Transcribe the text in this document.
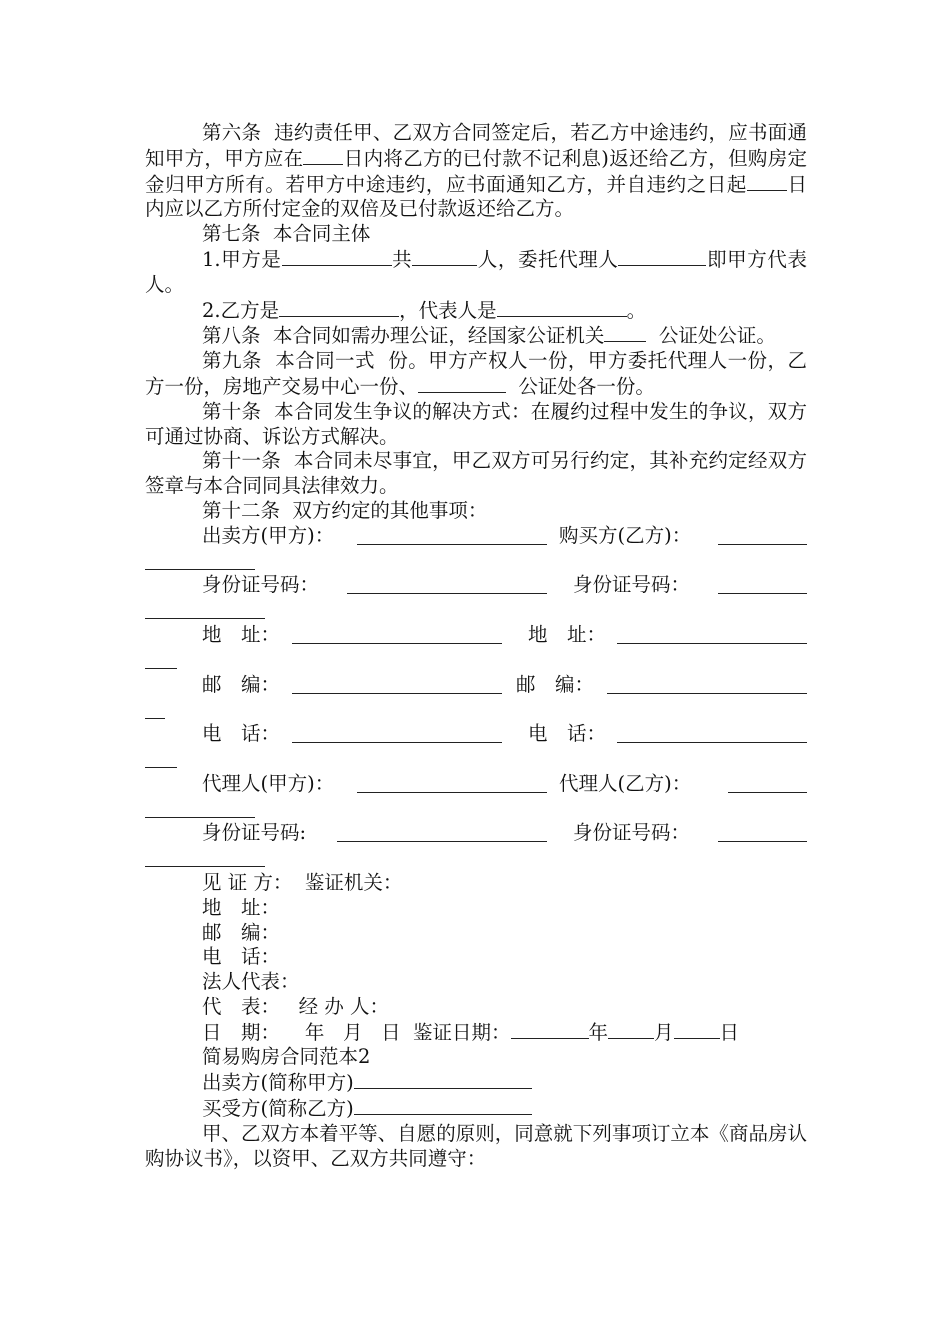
第六条 违约责任甲、乙双方合同签定后，若乙方中途违约，应书面通知甲方，甲方应在 日内将乙方的已付款不记利息)返还给乙方，但购房定金归甲方所有。若甲方中途违约，应书面通知乙方，并自违约之日起 日内应以乙方所付定金的双倍及已付款返还给乙方。

第七条 本合同主体

1.甲方是	共	人，委托代理人	即甲方代表人。

2.乙方是	，代表人是	。

第八条 本合同如需办理公证，经国家公证机关	公证处公证。

第九条 本合同一式 份。甲方产权人一份，甲方委托代理人一份，乙方一份，房地产交易中心一份、	公证处各一份。

第十条 本合同发生争议的解决方式：在履约过程中发生的争议，双方可通过协商、诉讼方式解决。

第十一条 本合同未尽事宜，甲乙双方可另行约定，其补充约定经双方签章与本合同同具法律效力。

第十二条 双方约定的其他事项：

出卖方(甲方)：	购买方(乙方)：
身份证号码：	身份证号码：
地　址：	地　址：
邮　编：	邮　编：
电　话：	电　话：
代理人(甲方)：	代理人(乙方)：
身份证号码:	身份证号码：

见 证 方： 鉴证机关：

地　址：

邮　编：

电　话：

法人代表：

代　表： 经 办 人：

日　期： 年 月 日 鉴证日期：	年 月 日

简易购房合同范本2

出卖方(简称甲方)

买受方(简称乙方)

甲、乙双方本着平等、自愿的原则，同意就下列事项订立本《商品房认购协议书》，以资甲、乙双方共同遵守：
